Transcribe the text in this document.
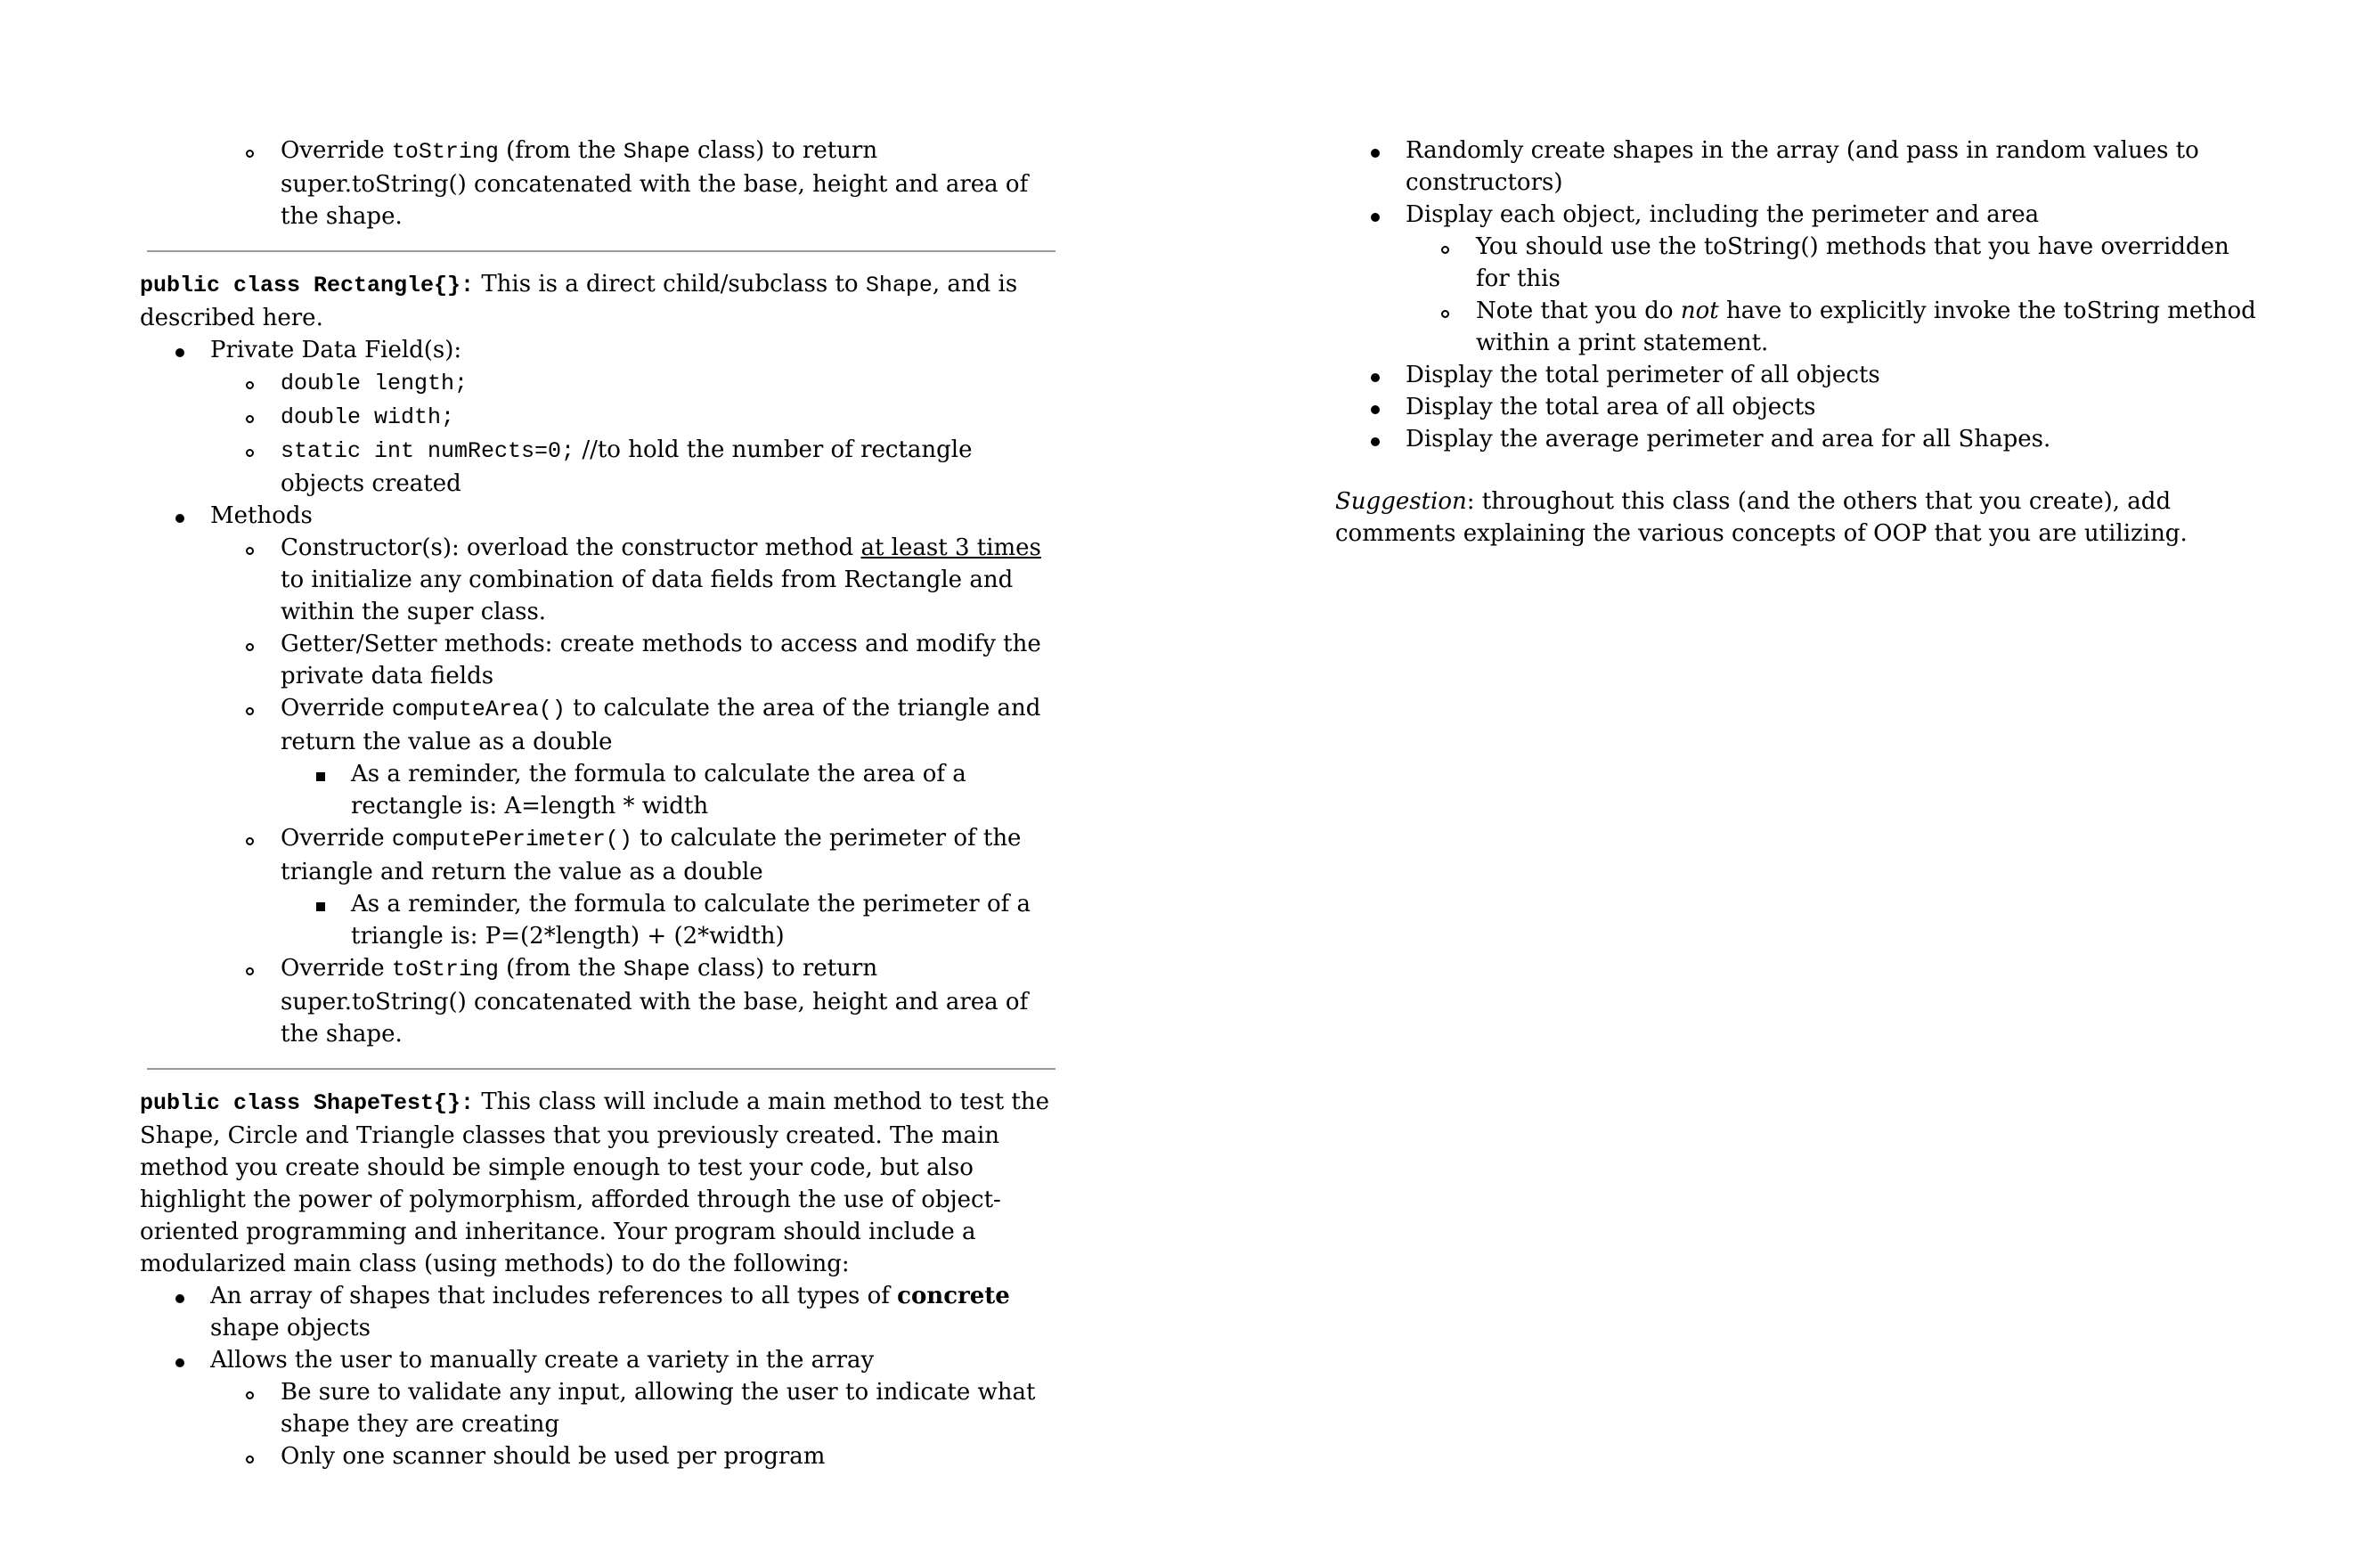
Override toString (from the Shape class) to return super.toString() concatenated with the base, height and area of the shape.

public class Rectangle{}: This is a direct child/subclass to Shape, and is described here.

Private Data Field(s):
double length;
double width;
static int numRects=0; //to hold the number of rectangle objects created
Methods
Constructor(s): overload the constructor method at least 3 times to initialize any combination of data fields from Rectangle and within the super class.
Getter/Setter methods: create methods to access and modify the private data fields
Override computeArea() to calculate the area of the triangle and return the value as a double
As a reminder, the formula to calculate the area of a rectangle is: A=length * width
Override computePerimeter() to calculate the perimeter of the triangle and return the value as a double
As a reminder, the formula to calculate the perimeter of a triangle is: P=(2*length) + (2*width)
Override toString (from the Shape class) to return super.toString() concatenated with the base, height and area of the shape.

public class ShapeTest{}: This class will include a main method to test the Shape, Circle and Triangle classes that you previously created. The main method you create should be simple enough to test your code, but also highlight the power of polymorphism, afforded through the use of object-oriented programming and inheritance. Your program should include a modularized main class (using methods) to do the following:

An array of shapes that includes references to all types of concrete shape objects
Allows the user to manually create a variety in the array
Be sure to validate any input, allowing the user to indicate what shape they are creating
Only one scanner should be used per program
Randomly create shapes in the array (and pass in random values to constructors)
Display each object, including the perimeter and area
You should use the toString() methods that you have overridden for this
Note that you do not have to explicitly invoke the toString method within a print statement.
Display the total perimeter of all objects
Display the total area of all objects
Display the average perimeter and area for all Shapes.

Suggestion: throughout this class (and the others that you create), add comments explaining the various concepts of OOP that you are utilizing.
